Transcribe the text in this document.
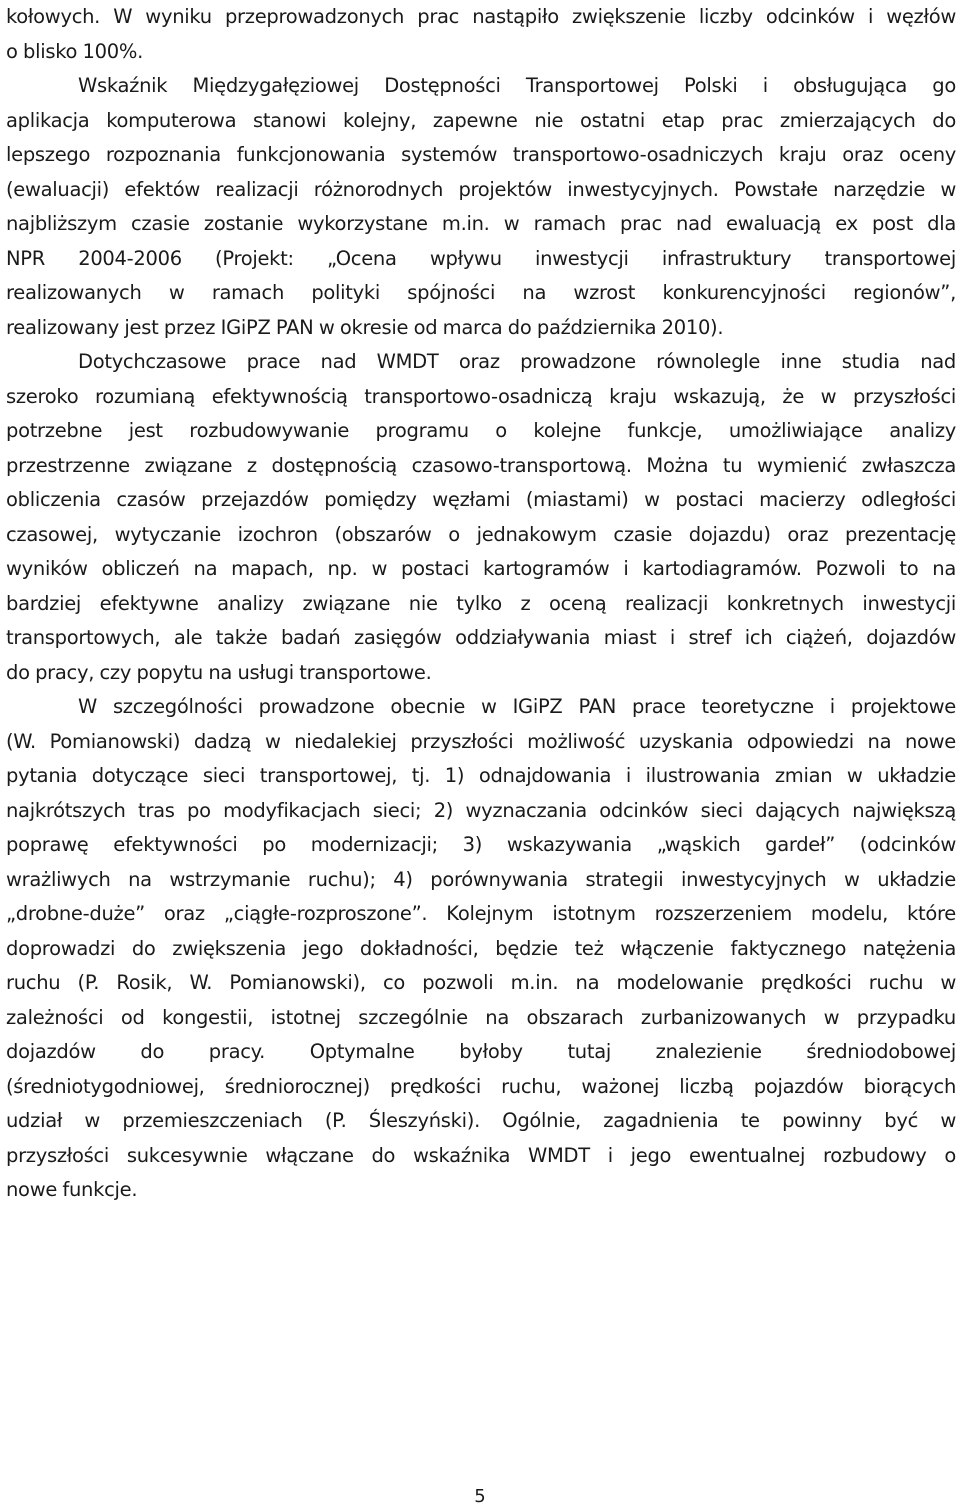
kołowych. W wyniku przeprowadzonych prac nastąpiło zwiększenie liczby odcinków i węzłów
o blisko 100%.

Wskaźnik Międzygałęziowej Dostępności Transportowej Polski i obsługująca go
aplikacja komputerowa stanowi kolejny, zapewne nie ostatni etap prac zmierzających do
lepszego rozpoznania funkcjonowania systemów transportowo-osadniczych kraju oraz oceny
(ewaluacji) efektów realizacji różnorodnych projektów inwestycyjnych. Powstałe narzędzie w
najbliższym czasie zostanie wykorzystane m.in. w ramach prac nad ewaluacją ex post dla
NPR 2004-2006 (Projekt: „Ocena wpływu inwestycji infrastruktury transportowej
realizowanych w ramach polityki spójności na wzrost konkurencyjności regionów”,
realizowany jest przez IGiPZ PAN w okresie od marca do października 2010).

Dotychczasowe prace nad WMDT oraz prowadzone równolegle inne studia nad
szeroko rozumianą efektywnością transportowo-osadniczą kraju wskazują, że w przyszłości
potrzebne jest rozbudowywanie programu o kolejne funkcje, umożliwiające analizy
przestrzenne związane z dostępnością czasowo-transportową. Można tu wymienić zwłaszcza
obliczenia czasów przejazdów pomiędzy węzłami (miastami) w postaci macierzy odległości
czasowej, wytyczanie izochron (obszarów o jednakowym czasie dojazdu) oraz prezentację
wyników obliczeń na mapach, np. w postaci kartogramów i kartodiagramów. Pozwoli to na
bardziej efektywne analizy związane nie tylko z oceną realizacji konkretnych inwestycji
transportowych, ale także badań zasięgów oddziaływania miast i stref ich ciążeń, dojazdów
do pracy, czy popytu na usługi transportowe.

W szczególności prowadzone obecnie w IGiPZ PAN prace teoretyczne i projektowe
(W. Pomianowski) dadzą w niedalekiej przyszłości możliwość uzyskania odpowiedzi na nowe
pytania dotyczące sieci transportowej, tj. 1) odnajdowania i ilustrowania zmian w układzie
najkrótszych tras po modyfikacjach sieci; 2) wyznaczania odcinków sieci dających największą
poprawę efektywności po modernizacji; 3) wskazywania „wąskich gardeł” (odcinków
wrażliwych na wstrzymanie ruchu); 4) porównywania strategii inwestycyjnych w układzie
„drobne-duże” oraz „ciągłe-rozproszone”. Kolejnym istotnym rozszerzeniem modelu, które
doprowadzi do zwiększenia jego dokładności, będzie też włączenie faktycznego natężenia
ruchu (P. Rosik, W. Pomianowski), co pozwoli m.in. na modelowanie prędkości ruchu w
zależności od kongestii, istotnej szczególnie na obszarach zurbanizowanych w przypadku
dojazdów do pracy. Optymalne byłoby tutaj znalezienie średniodobowej
(średniotygodniowej, średniorocznej) prędkości ruchu, ważonej liczbą pojazdów biorących
udział w przemieszczeniach (P. Śleszyński). Ogólnie, zagadnienia te powinny być w
przyszłości sukcesywnie włączane do wskaźnika WMDT i jego ewentualnej rozbudowy o
nowe funkcje.

5
